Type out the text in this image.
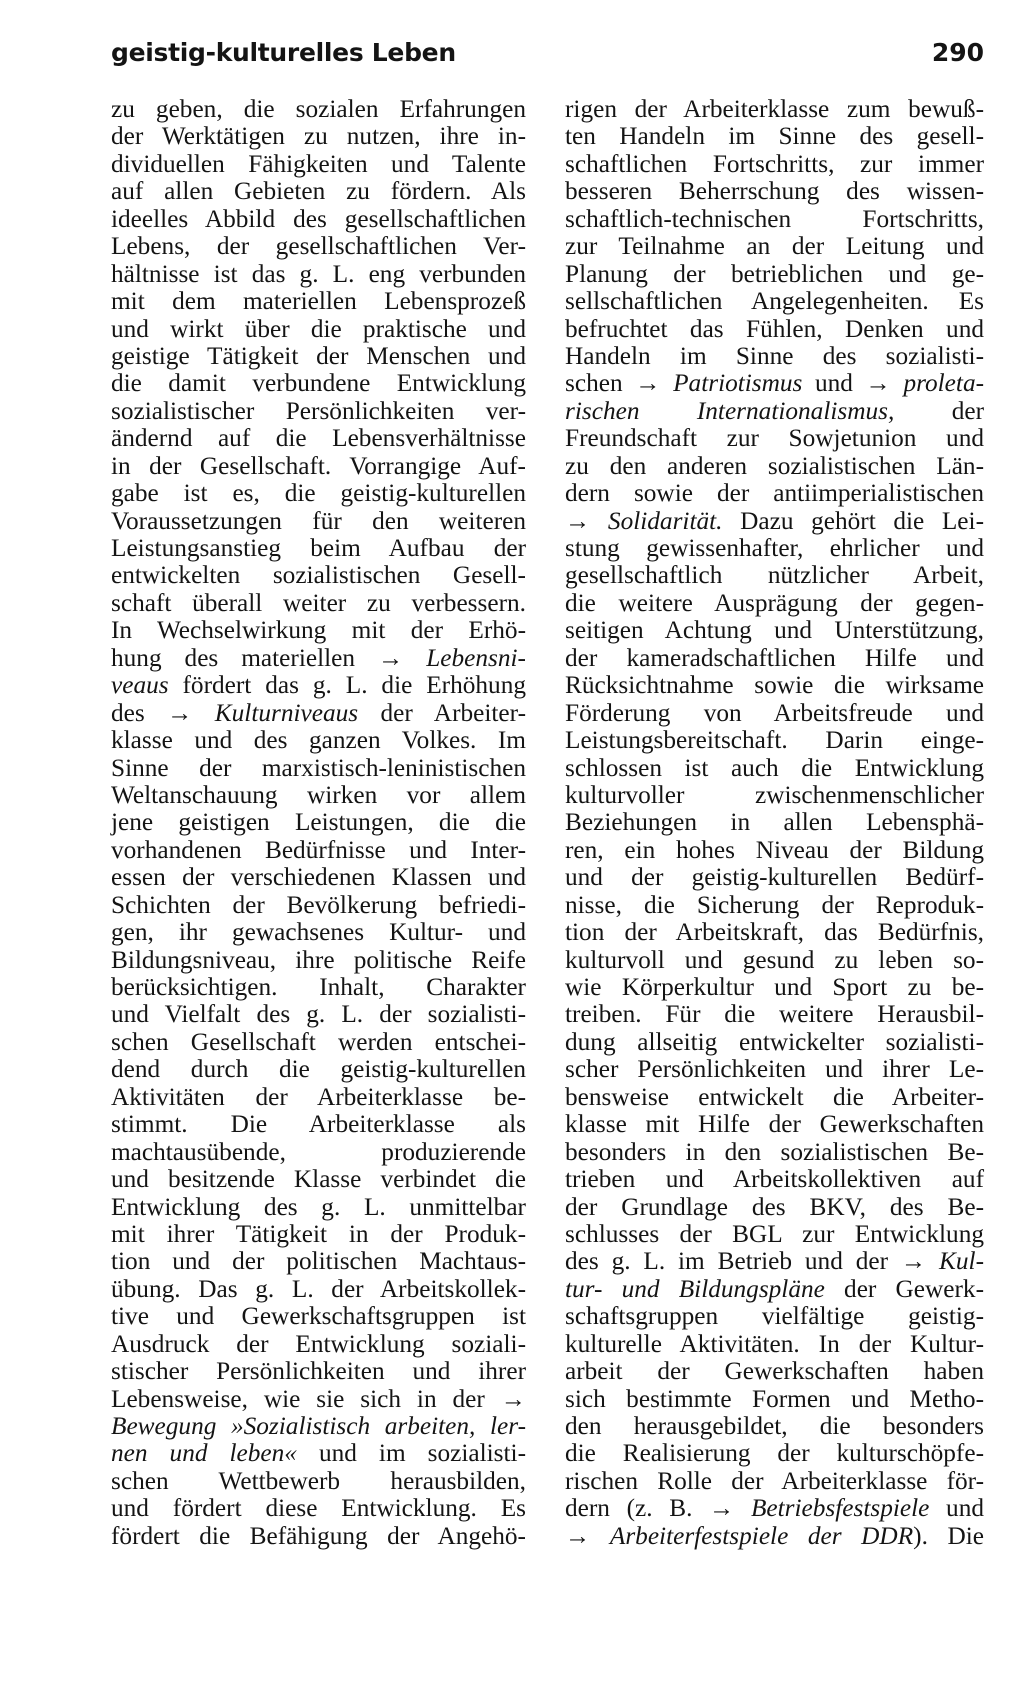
geistig-kulturelles Leben	290
zu geben, die sozialen Erfahrungen
der Werktätigen zu nutzen, ihre in-
dividuellen Fähigkeiten und Talente
auf allen Gebieten zu fördern. Als
ideelles Abbild des gesellschaftlichen
Lebens, der gesellschaftlichen Ver-
hältnisse ist das g. L. eng verbunden
mit dem materiellen Lebensprozeß
und wirkt über die praktische und
geistige Tätigkeit der Menschen und
die damit verbundene Entwicklung
sozialistischer Persönlichkeiten ver-
ändernd auf die Lebensverhältnisse
in der Gesellschaft. Vorrangige Auf-
gabe ist es, die geistig-kulturellen
Voraussetzungen für den weiteren
Leistungsanstieg beim Aufbau der
entwickelten sozialistischen Gesell-
schaft überall weiter zu verbessern.
In Wechselwirkung mit der Erhö-
hung des materiellen → Lebensni-
veaus fördert das g. L. die Erhöhung
des → Kulturniveaus der Arbeiter-
klasse und des ganzen Volkes. Im
Sinne der marxistisch-leninistischen
Weltanschauung wirken vor allem
jene geistigen Leistungen, die die
vorhandenen Bedürfnisse und Inter-
essen der verschiedenen Klassen und
Schichten der Bevölkerung befriedi-
gen, ihr gewachsenes Kultur- und
Bildungsniveau, ihre politische Reife
berücksichtigen. Inhalt, Charakter
und Vielfalt des g. L. der sozialisti-
schen Gesellschaft werden entschei-
dend durch die geistig-kulturellen
Aktivitäten der Arbeiterklasse be-
stimmt. Die Arbeiterklasse als
machtausübende, produzierende
und besitzende Klasse verbindet die
Entwicklung des g. L. unmittelbar
mit ihrer Tätigkeit in der Produk-
tion und der politischen Machtaus-
übung. Das g. L. der Arbeitskollek-
tive und Gewerkschaftsgruppen ist
Ausdruck der Entwicklung soziali-
stischer Persönlichkeiten und ihrer
Lebensweise, wie sie sich in der →
Bewegung »Sozialistisch arbeiten, ler-
nen und leben« und im sozialisti-
schen Wettbewerb herausbilden,
und fördert diese Entwicklung. Es
fördert die Befähigung der Angehö-
rigen der Arbeiterklasse zum bewuß-
ten Handeln im Sinne des gesell-
schaftlichen Fortschritts, zur immer
besseren Beherrschung des wissen-
schaftlich-technischen Fortschritts,
zur Teilnahme an der Leitung und
Planung der betrieblichen und ge-
sellschaftlichen Angelegenheiten. Es
befruchtet das Fühlen, Denken und
Handeln im Sinne des sozialisti-
schen → Patriotismus und → proleta-
rischen Internationalismus, der
Freundschaft zur Sowjetunion und
zu den anderen sozialistischen Län-
dern sowie der antiimperialistischen
→ Solidarität. Dazu gehört die Lei-
stung gewissenhafter, ehrlicher und
gesellschaftlich nützlicher Arbeit,
die weitere Ausprägung der gegen-
seitigen Achtung und Unterstützung,
der kameradschaftlichen Hilfe und
Rücksichtnahme sowie die wirksame
Förderung von Arbeitsfreude und
Leistungsbereitschaft. Darin einge-
schlossen ist auch die Entwicklung
kulturvoller zwischenmenschlicher
Beziehungen in allen Lebensphä-
ren, ein hohes Niveau der Bildung
und der geistig-kulturellen Bedürf-
nisse, die Sicherung der Reproduk-
tion der Arbeitskraft, das Bedürfnis,
kulturvoll und gesund zu leben so-
wie Körperkultur und Sport zu be-
treiben. Für die weitere Herausbil-
dung allseitig entwickelter sozialisti-
scher Persönlichkeiten und ihrer Le-
bensweise entwickelt die Arbeiter-
klasse mit Hilfe der Gewerkschaften
besonders in den sozialistischen Be-
trieben und Arbeitskollektiven auf
der Grundlage des BKV, des Be-
schlusses der BGL zur Entwicklung
des g. L. im Betrieb und der → Kul-
tur- und Bildungspläne der Gewerk-
schaftsgruppen vielfältige geistig-
kulturelle Aktivitäten. In der Kultur-
arbeit der Gewerkschaften haben
sich bestimmte Formen und Metho-
den herausgebildet, die besonders
die Realisierung der kulturschöpfe-
rischen Rolle der Arbeiterklasse för-
dern (z. B. → Betriebsfestspiele und
→ Arbeiterfestspiele der DDR). Die
